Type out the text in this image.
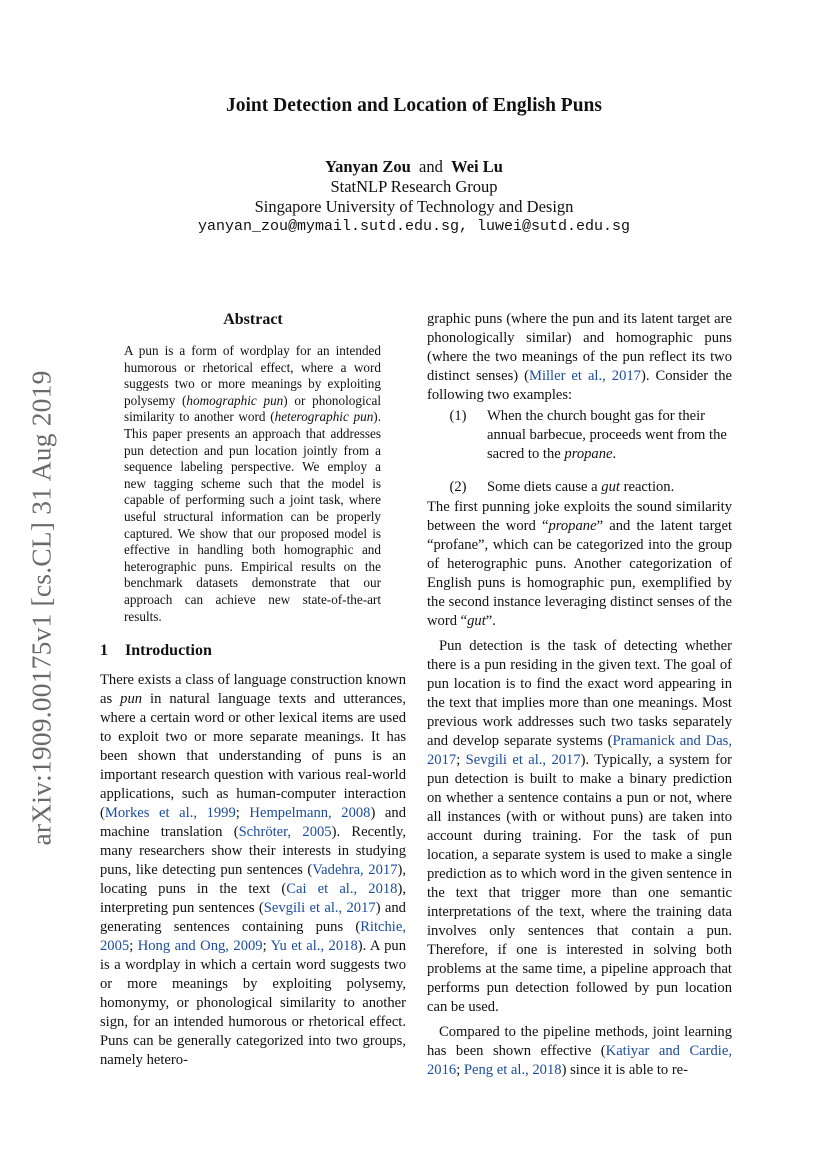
arXiv:1909.00175v1 [cs.CL] 31 Aug 2019
Joint Detection and Location of English Puns
Yanyan Zou and Wei Lu
StatNLP Research Group
Singapore University of Technology and Design
yanyan_zou@mymail.sutd.edu.sg, luwei@sutd.edu.sg
Abstract
A pun is a form of wordplay for an intended humorous or rhetorical effect, where a word suggests two or more meanings by exploiting polysemy (homographic pun) or phonological similarity to another word (heterographic pun). This paper presents an approach that addresses pun detection and pun location jointly from a sequence labeling perspective. We employ a new tagging scheme such that the model is capable of performing such a joint task, where useful structural information can be properly captured. We show that our proposed model is effective in handling both homographic and heterographic puns. Empirical results on the benchmark datasets demonstrate that our approach can achieve new state-of-the-art results.
1 Introduction

There exists a class of language construction known as pun in natural language texts and utterances, where a certain word or other lexical items are used to exploit two or more separate meanings. It has been shown that understanding of puns is an important research question with various real-world applications, such as human-computer interaction (Morkes et al., 1999; Hempelmann, 2008) and machine translation (Schröter, 2005). Recently, many researchers show their interests in studying puns, like detecting pun sentences (Vadehra, 2017), locating puns in the text (Cai et al., 2018), interpreting pun sentences (Sevgili et al., 2017) and generating sentences containing puns (Ritchie, 2005; Hong and Ong, 2009; Yu et al., 2018). A pun is a wordplay in which a certain word suggests two or more meanings by exploiting polysemy, homonymy, or phonological similarity to another sign, for an intended humorous or rhetorical effect. Puns can be generally categorized into two groups, namely hetero-

graphic puns (where the pun and its latent target are phonologically similar) and homographic puns (where the two meanings of the pun reflect its two distinct senses) (Miller et al., 2017). Consider the following two examples:

(1)	When the church bought gas for their annual barbecue, proceeds went from the sacred to the propane.
(2)	Some diets cause a gut reaction.

The first punning joke exploits the sound similarity between the word “propane” and the latent target “profane”, which can be categorized into the group of heterographic puns. Another categorization of English puns is homographic pun, exemplified by the second instance leveraging distinct senses of the word “gut”.

Pun detection is the task of detecting whether there is a pun residing in the given text. The goal of pun location is to find the exact word appearing in the text that implies more than one meanings. Most previous work addresses such two tasks separately and develop separate systems (Pramanick and Das, 2017; Sevgili et al., 2017). Typically, a system for pun detection is built to make a binary prediction on whether a sentence contains a pun or not, where all instances (with or without puns) are taken into account during training. For the task of pun location, a separate system is used to make a single prediction as to which word in the given sentence in the text that trigger more than one semantic interpretations of the text, where the training data involves only sentences that contain a pun. Therefore, if one is interested in solving both problems at the same time, a pipeline approach that performs pun detection followed by pun location can be used.

Compared to the pipeline methods, joint learning has been shown effective (Katiyar and Cardie, 2016; Peng et al., 2018) since it is able to re-
